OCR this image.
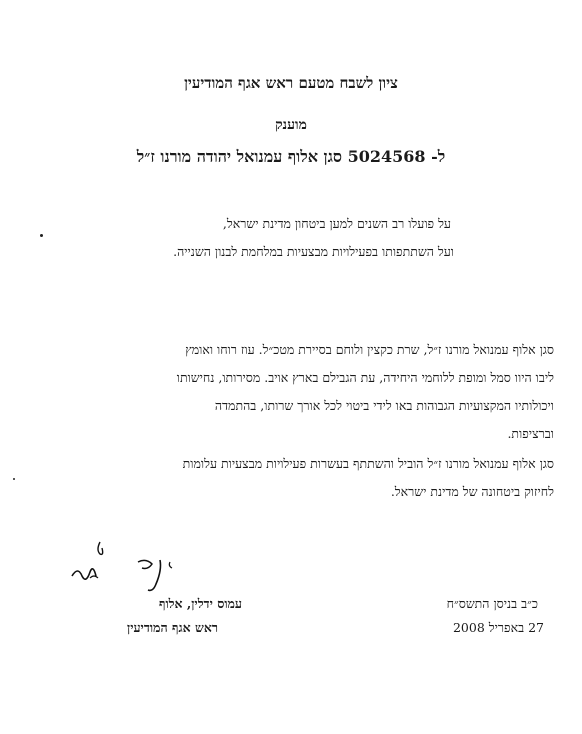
ציון לשבח מטעם ראש אגף המודיעין
מוענק
ל- 5024568 סגן אלוף עמנואל יהודה מורנו ז״ל
על פועלו רב השנים למען ביטחון מדינת ישראל,
ועל השתתפותו בפעילויות מבצעיות במלחמת לבנון השנייה.
סגן אלוף עמנואל מורנו ז״ל, שרת כקצין ולוחם בסיירת מטכ״ל. עוז רוחו ואומץ
ליבו היוו סמל ומופת ללוחמי היחידה, עת הגבילם בארץ אויב. מסירותו, נחישותו
ויכולותיו המקצועיות הגבוהות באו לידי ביטוי לכל אורך שרותו, בהתמדה
וברציפות.
סגן אלוף עמנואל מורנו ז״ל הוביל והשתתף בעשרות פעילויות מבצעיות עלומות
לחיזוק ביטחונה של מדינת ישראל.
עמוס ידלין, אלוף
ראש אגף המודיעין
כ״ב בניסן התשס״ח
27 באפריל 2008
